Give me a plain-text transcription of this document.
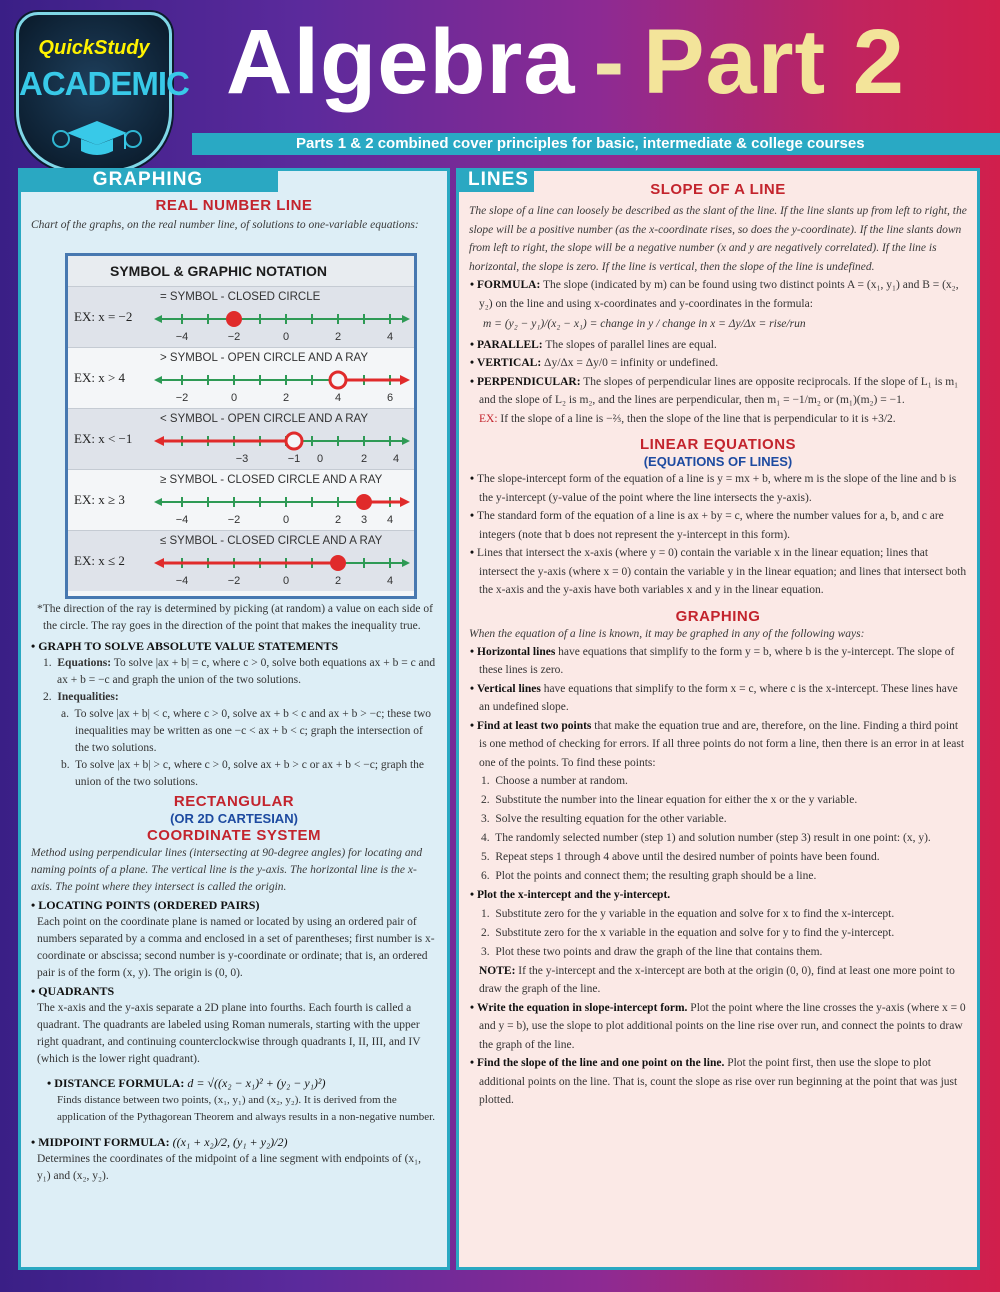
QuickStudy
ACADEMIC Algebra - Part 2
Parts 1 & 2 combined cover principles for basic, intermediate & college courses
GRAPHING
REAL NUMBER LINE
Chart of the graphs, on the real number line, of solutions to one-variable equations:
SYMBOL & GRAPHIC NOTATION
= SYMBOL - CLOSED CIRCLE
EX: x = −2
−4	−2	0	2	4
> SYMBOL - OPEN CIRCLE AND A RAY
EX: x > 4
−2	0	2	4	6
< SYMBOL - OPEN CIRCLE AND A RAY
EX: x < −1
−3	−1 0	2 4
≥ SYMBOL - CLOSED CIRCLE AND A RAY
EX: x ≥ 3
−4	−2	0	2 3 4
≤ SYMBOL - CLOSED CIRCLE AND A RAY
EX: x ≤ 2
−4	−2	0	2	4
*The direction of the ray is determined by picking (at random) a value on each side of the circle. The ray goes in the direction of the point that makes the inequality true.
• GRAPH TO SOLVE ABSOLUTE VALUE STATEMENTS
1.  Equations: To solve |ax + b| = c, where c > 0, solve both equations ax + b = c and ax + b = −c and graph the union of the two solutions.
2.  Inequalities:
a.  To solve |ax + b| < c, where c > 0, solve ax + b < c and ax + b > −c; these two inequalities may be written as one −c < ax + b < c; graph the intersection of the two solutions.
b.  To solve |ax + b| > c, where c > 0, solve ax + b > c or ax + b < −c; graph the union of the two solutions.
RECTANGULAR
(OR 2D CARTESIAN)
COORDINATE SYSTEM
Method using perpendicular lines (intersecting at 90-degree angles) for locating and naming points of a plane. The vertical line is the y-axis. The horizontal line is the x-axis. The point where they intersect is called the origin.
• LOCATING POINTS (ORDERED PAIRS)
Each point on the coordinate plane is named or located by using an ordered pair of numbers separated by a comma and enclosed in a set of parentheses; first number is x-coordinate or abscissa; second number is y-coordinate or ordinate; that is, an ordered pair is of the form (x, y). The origin is (0, 0).
• QUADRANTS
The x-axis and the y-axis separate a 2D plane into fourths. Each fourth is called a quadrant. The quadrants are labeled using Roman numerals, starting with the upper right quadrant, and continuing counterclockwise through quadrants I, II, III, and IV (which is the lower right quadrant).
• DISTANCE FORMULA: d = √((x₂ − x₁)² + (y₂ − y₁)²)
Finds distance between two points, (x₁, y₁) and (x₂, y₂). It is derived from the application of the Pythagorean Theorem and always results in a non-negative number.
• MIDPOINT FORMULA: ((x₁ + x₂)/2, (y₁ + y₂)/2)
Determines the coordinates of the midpoint of a line segment with endpoints of (x₁, y₁) and (x₂, y₂).
LINES	SLOPE OF A LINE
The slope of a line can loosely be described as the slant of the line. If the line slants up from left to right, the slope will be a positive number (as the x-coordinate rises, so does the y-coordinate). If the line slants down from left to right, the slope will be a negative number (x and y are negatively correlated). If the line is horizontal, the slope is zero. If the line is vertical, then the slope of the line is undefined.
• FORMULA: The slope (indicated by m) can be found using two distinct points A = (x₁, y₁) and B = (x₂, y₂) on the line and using x-coordinates and y-coordinates in the formula:
m = (y₂ − y₁)/(x₂ − x₁) = change in y / change in x = Δy/Δx = rise/run
• PARALLEL: The slopes of parallel lines are equal.
• VERTICAL: Δy/Δx = Δy/0 = infinity or undefined.
• PERPENDICULAR: The slopes of perpendicular lines are opposite reciprocals. If the slope of L₁ is m₁ and the slope of L₂ is m₂, and the lines are perpendicular, then m₁ = −1/m₂ or (m₁)(m₂) = −1.
EX: If the slope of a line is −⅔, then the slope of the line that is perpendicular to it is +3/2.
LINEAR EQUATIONS
(EQUATIONS OF LINES)
• The slope-intercept form of the equation of a line is y = mx + b, where m is the slope of the line and b is the y-intercept (y-value of the point where the line intersects the y-axis).
• The standard form of the equation of a line is ax + by = c, where the number values for a, b, and c are integers (note that b does not represent the y-intercept in this form).
• Lines that intersect the x-axis (where y = 0) contain the variable x in the linear equation; lines that intersect the y-axis (where x = 0) contain the variable y in the linear equation; and lines that intersect both the x-axis and the y-axis have both variables x and y in the linear equation.
GRAPHING
When the equation of a line is known, it may be graphed in any of the following ways:
• Horizontal lines have equations that simplify to the form y = b, where b is the y-intercept. The slope of these lines is zero.
• Vertical lines have equations that simplify to the form x = c, where c is the x-intercept. These lines have an undefined slope.
• Find at least two points that make the equation true and are, therefore, on the line. Finding a third point is one method of checking for errors. If all three points do not form a line, then there is an error in at least one of the points. To find these points:
1.  Choose a number at random.
2.  Substitute the number into the linear equation for either the x or the y variable.
3.  Solve the resulting equation for the other variable.
4.  The randomly selected number (step 1) and solution number (step 3) result in one point: (x, y).
5.  Repeat steps 1 through 4 above until the desired number of points have been found.
6.  Plot the points and connect them; the resulting graph should be a line.
• Plot the x-intercept and the y-intercept.
1.  Substitute zero for the y variable in the equation and solve for x to find the x-intercept.
2.  Substitute zero for the x variable in the equation and solve for y to find the y-intercept.
3.  Plot these two points and draw the graph of the line that contains them.
NOTE: If the y-intercept and the x-intercept are both at the origin (0, 0), find at least one more point to draw the graph of the line.
• Write the equation in slope-intercept form. Plot the point where the line crosses the y-axis (where x = 0 and y = b), use the slope to plot additional points on the line rise over run, and connect the points to draw the graph of the line.
• Find the slope of the line and one point on the line. Plot the point first, then use the slope to plot additional points on the line. That is, count the slope as rise over run beginning at the point that was just plotted.
